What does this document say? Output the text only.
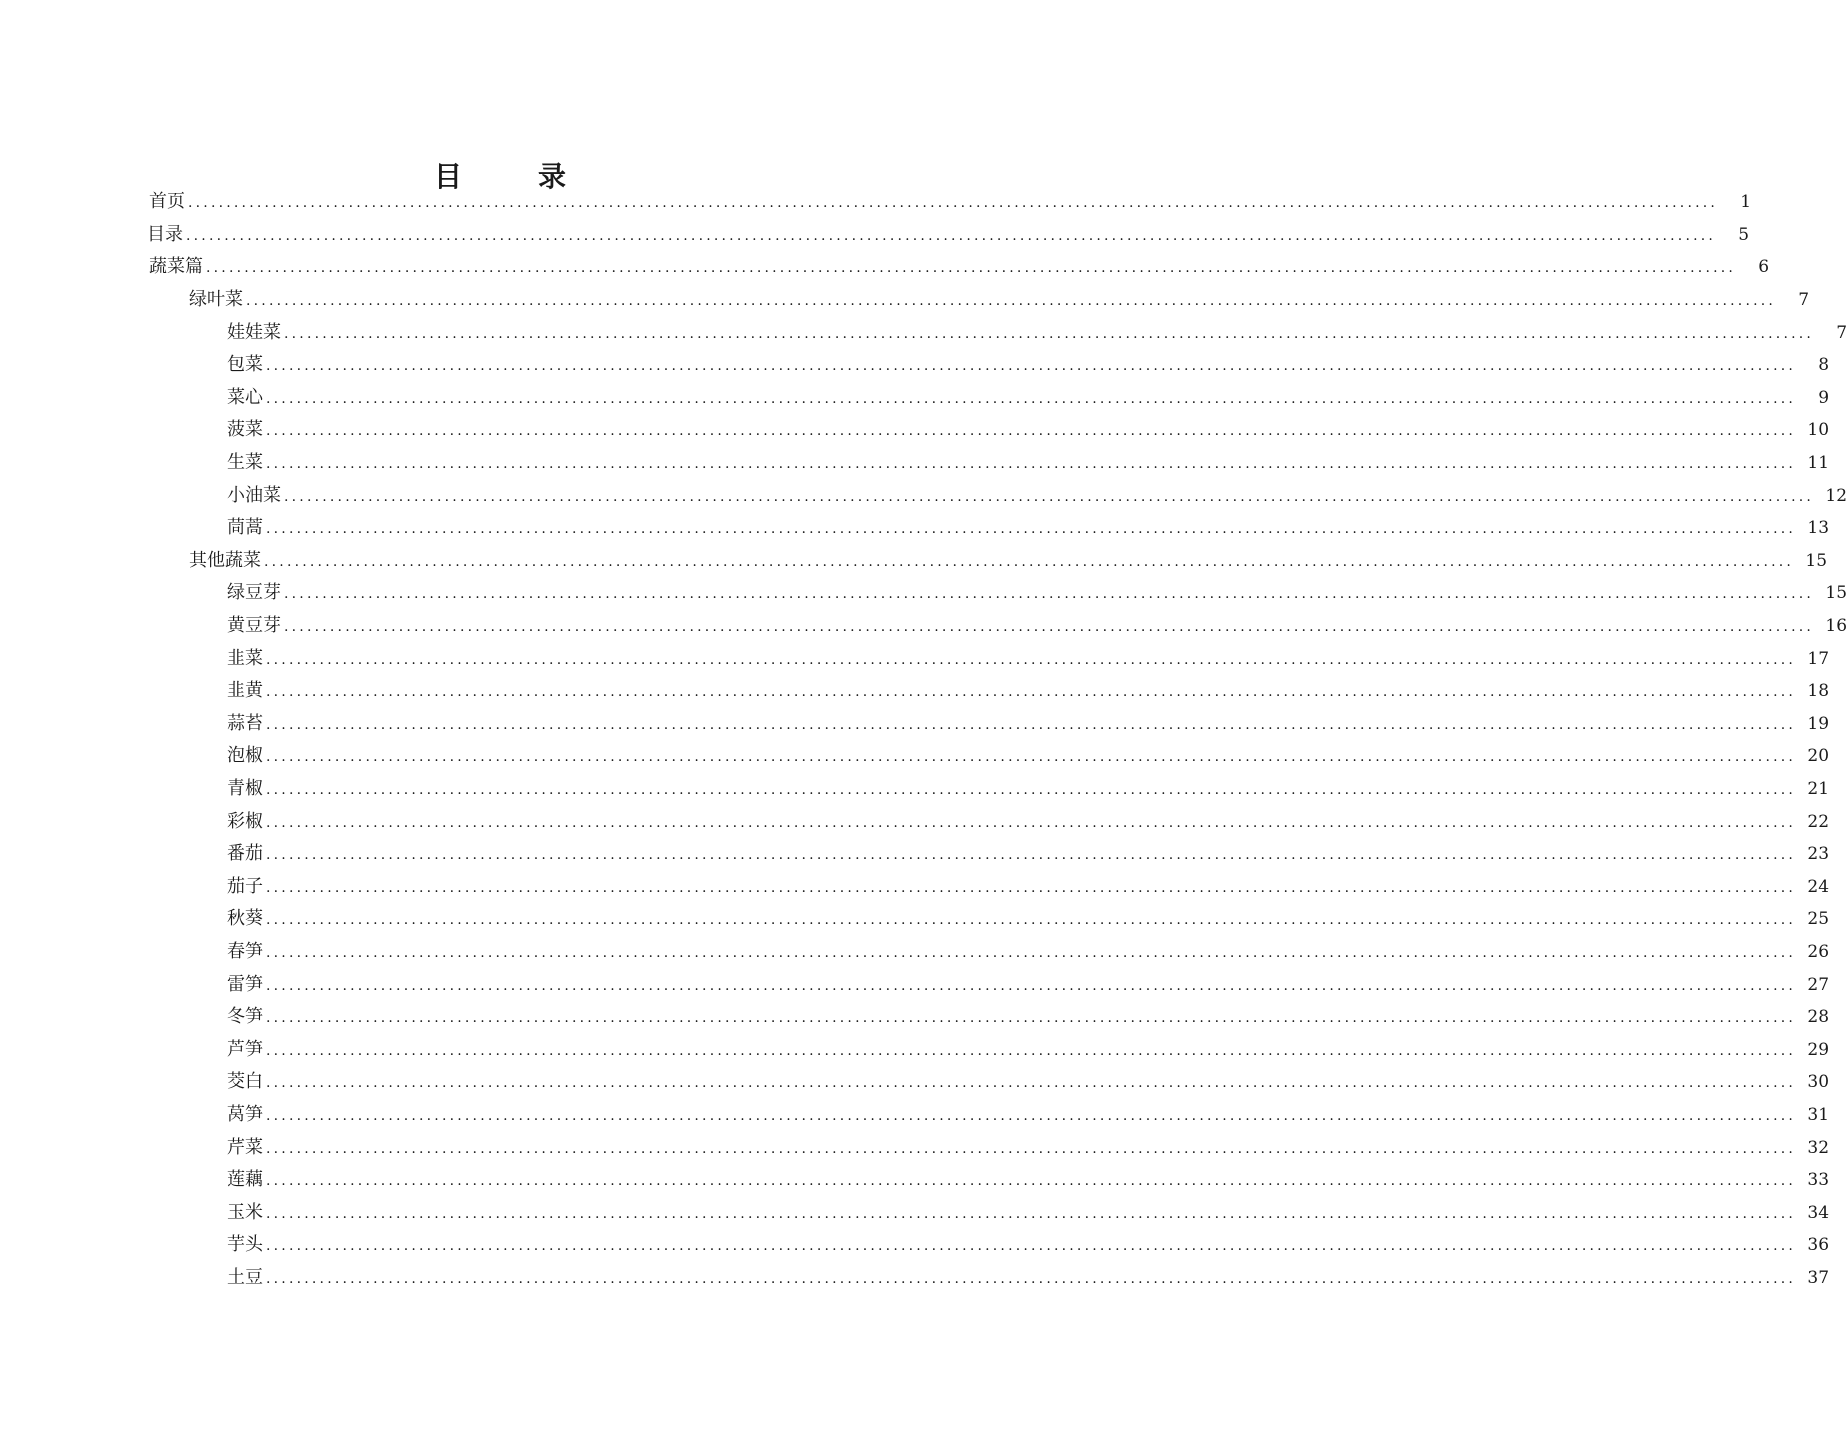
目　录
首页 ........................................................................................................................................................................................................	1
目录 ........................................................................................................................................................................................................	5
蔬菜篇 ........................................................................................................................................................................................................	6
绿叶菜 ........................................................................................................................................................................................................	7
娃娃菜 ........................................................................................................................................................................................................	7
包菜 ........................................................................................................................................................................................................	8
菜心 ........................................................................................................................................................................................................	9
菠菜 ........................................................................................................................................................................................................ 10
生菜 ........................................................................................................................................................................................................ 11
小油菜 ........................................................................................................................................................................................................ 12
茼蒿 ........................................................................................................................................................................................................ 13
其他蔬菜 ........................................................................................................................................................................................................ 15
绿豆芽 ........................................................................................................................................................................................................ 15
黄豆芽 ........................................................................................................................................................................................................ 16
韭菜 ........................................................................................................................................................................................................ 17
韭黄 ........................................................................................................................................................................................................ 18
蒜苔 ........................................................................................................................................................................................................ 19
泡椒 ........................................................................................................................................................................................................ 20
青椒 ........................................................................................................................................................................................................ 21
彩椒 ........................................................................................................................................................................................................ 22
番茄 ........................................................................................................................................................................................................ 23
茄子 ........................................................................................................................................................................................................ 24
秋葵 ........................................................................................................................................................................................................ 25
春笋 ........................................................................................................................................................................................................ 26
雷笋 ........................................................................................................................................................................................................ 27
冬笋 ........................................................................................................................................................................................................ 28
芦笋 ........................................................................................................................................................................................................ 29
茭白 ........................................................................................................................................................................................................ 30
莴笋 ........................................................................................................................................................................................................ 31
芹菜 ........................................................................................................................................................................................................ 32
莲藕 ........................................................................................................................................................................................................ 33
玉米 ........................................................................................................................................................................................................ 34
芋头 ........................................................................................................................................................................................................ 36
土豆 ........................................................................................................................................................................................................ 37
